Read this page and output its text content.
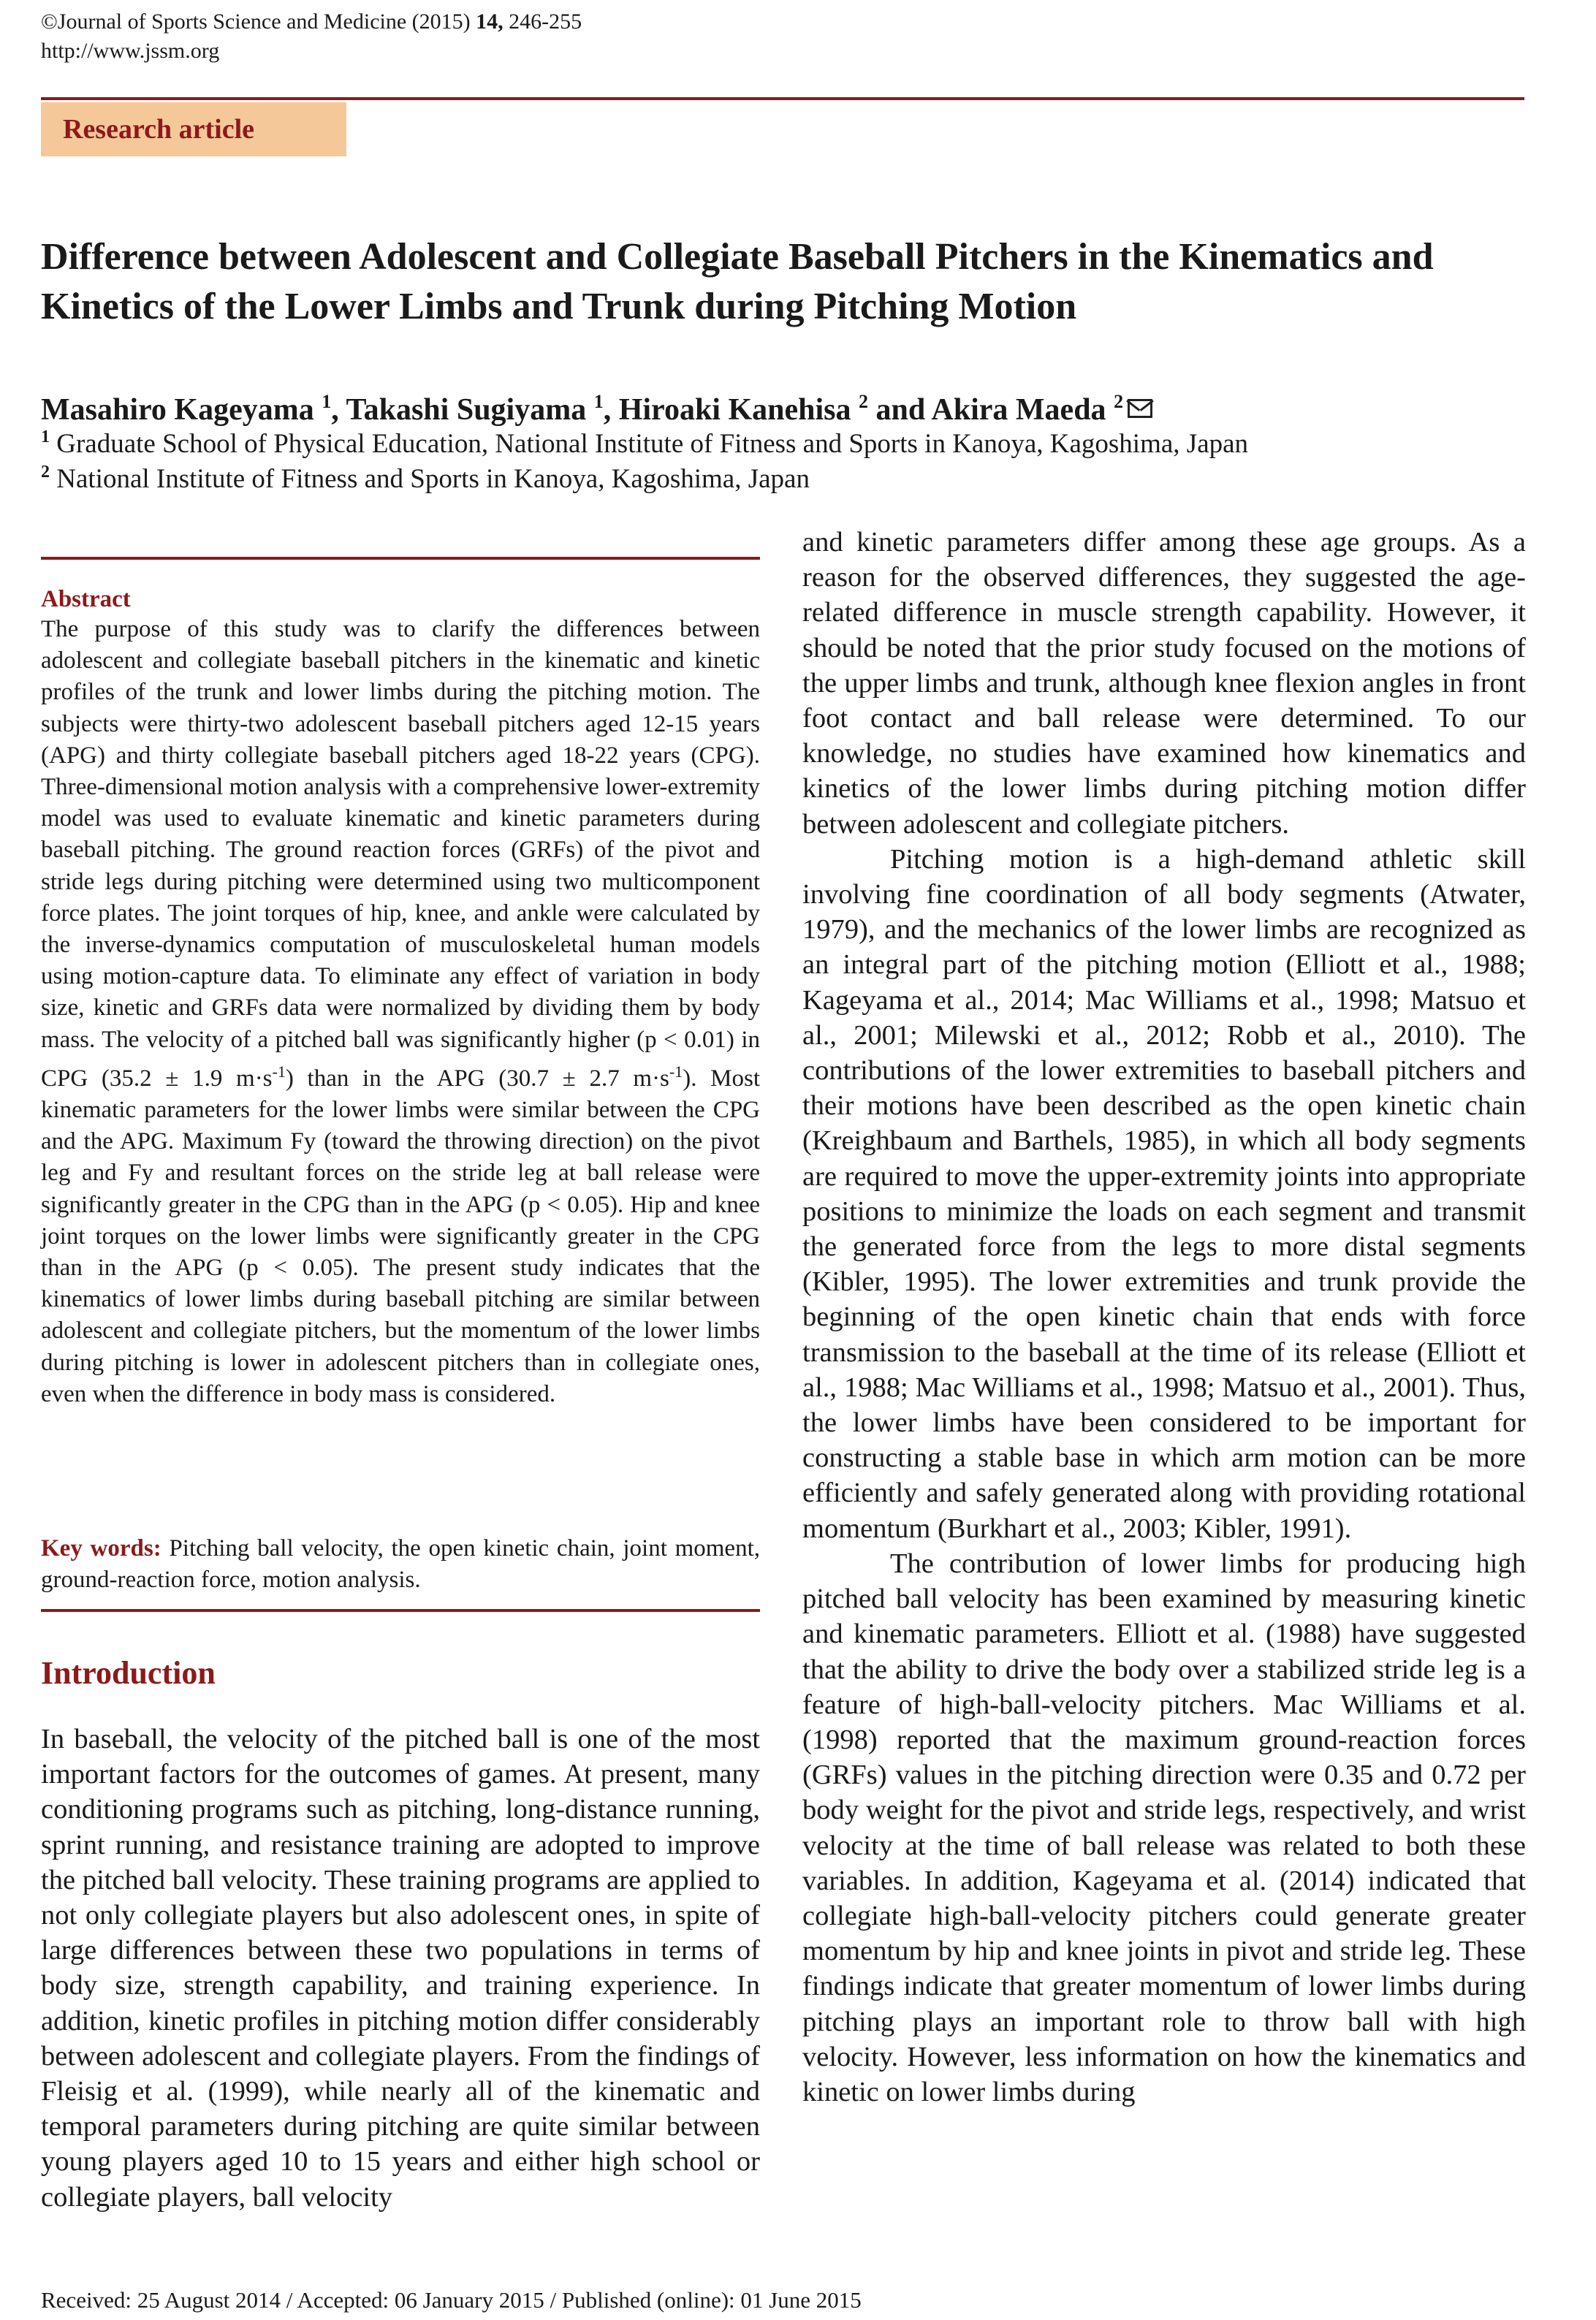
©Journal of Sports Science and Medicine (2015) 14, 246-255
http://www.jssm.org
Research article
Difference between Adolescent and Collegiate Baseball Pitchers in the Kinematics and Kinetics of the Lower Limbs and Trunk during Pitching Motion
Masahiro Kageyama $^1$, Takashi Sugiyama $^1$, Hiroaki Kanehisa $^2$ and Akira Maeda $^2$
$^1$ Graduate School of Physical Education, National Institute of Fitness and Sports in Kanoya, Kagoshima, Japan
$^2$ National Institute of Fitness and Sports in Kanoya, Kagoshima, Japan
Abstract
The purpose of this study was to clarify the differences between adolescent and collegiate baseball pitchers in the kinematic and kinetic profiles of the trunk and lower limbs during the pitching motion. The subjects were thirty-two adolescent baseball pitchers aged 12-15 years (APG) and thirty collegiate baseball pitchers aged 18-22 years (CPG). Three-dimensional motion analysis with a comprehensive lower-extremity model was used to evaluate kinematic and kinetic parameters during baseball pitching. The ground reaction forces (GRFs) of the pivot and stride legs during pitching were determined using two multicomponent force plates. The joint torques of hip, knee, and ankle were calculated by the inverse-dynamics computation of musculoskeletal human models using motion-capture data. To eliminate any effect of variation in body size, kinetic and GRFs data were normalized by dividing them by body mass. The velocity of a pitched ball was significantly higher (p < 0.01) in CPG (35.2 ± 1.9 $m\cdot s^{-1}$) than in the APG (30.7 ± 2.7 $m\cdot s^{-1}$). Most kinematic parameters for the lower limbs were similar between the CPG and the APG. Maximum Fy (toward the throwing direction) on the pivot leg and Fy and resultant forces on the stride leg at ball release were significantly greater in the CPG than in the APG (p < 0.05). Hip and knee joint torques on the lower limbs were significantly greater in the CPG than in the APG (p < 0.05). The present study indicates that the kinematics of lower limbs during baseball pitching are similar between adolescent and collegiate pitchers, but the momentum of the lower limbs during pitching is lower in adolescent pitchers than in collegiate ones, even when the difference in body mass is considered.
Key words: Pitching ball velocity, the open kinetic chain, joint moment, ground-reaction force, motion analysis.
Introduction
In baseball, the velocity of the pitched ball is one of the most important factors for the outcomes of games. At present, many conditioning programs such as pitching, long-distance running, sprint running, and resistance training are adopted to improve the pitched ball velocity. These training programs are applied to not only collegiate players but also adolescent ones, in spite of large differences between these two populations in terms of body size, strength capability, and training experience. In addition, kinetic profiles in pitching motion differ considerably between adolescent and collegiate players. From the findings of Fleisig et al. (1999), while nearly all of the kinematic and temporal parameters during pitching are quite similar between young players aged 10 to 15 years and either high school or collegiate players, ball velocity

and kinetic parameters differ among these age groups. As a reason for the observed differences, they suggested the age-related difference in muscle strength capability. However, it should be noted that the prior study focused on the motions of the upper limbs and trunk, although knee flexion angles in front foot contact and ball release were determined. To our knowledge, no studies have examined how kinematics and kinetics of the lower limbs during pitching motion differ between adolescent and collegiate pitchers.

Pitching motion is a high-demand athletic skill involving fine coordination of all body segments (Atwater, 1979), and the mechanics of the lower limbs are recognized as an integral part of the pitching motion (Elliott et al., 1988; Kageyama et al., 2014; Mac Williams et al., 1998; Matsuo et al., 2001; Milewski et al., 2012; Robb et al., 2010). The contributions of the lower extremities to baseball pitchers and their motions have been described as the open kinetic chain (Kreighbaum and Barthels, 1985), in which all body segments are required to move the upper-extremity joints into appropriate positions to minimize the loads on each segment and transmit the generated force from the legs to more distal segments (Kibler, 1995). The lower extremities and trunk provide the beginning of the open kinetic chain that ends with force transmission to the baseball at the time of its release (Elliott et al., 1988; Mac Williams et al., 1998; Matsuo et al., 2001). Thus, the lower limbs have been considered to be important for constructing a stable base in which arm motion can be more efficiently and safely generated along with providing rotational momentum (Burkhart et al., 2003; Kibler, 1991).

The contribution of lower limbs for producing high pitched ball velocity has been examined by measuring kinetic and kinematic parameters. Elliott et al. (1988) have suggested that the ability to drive the body over a stabilized stride leg is a feature of high-ball-velocity pitchers. Mac Williams et al. (1998) reported that the maximum ground-reaction forces (GRFs) values in the pitching direction were 0.35 and 0.72 per body weight for the pivot and stride legs, respectively, and wrist velocity at the time of ball release was related to both these variables. In addition, Kageyama et al. (2014) indicated that collegiate high-ball-velocity pitchers could generate greater momentum by hip and knee joints in pivot and stride leg. These findings indicate that greater momentum of lower limbs during pitching plays an important role to throw ball with high velocity. However, less information on how the kinematics and kinetic on lower limbs during

Received: 25 August 2014 / Accepted: 06 January 2015 / Published (online): 01 June 2015
